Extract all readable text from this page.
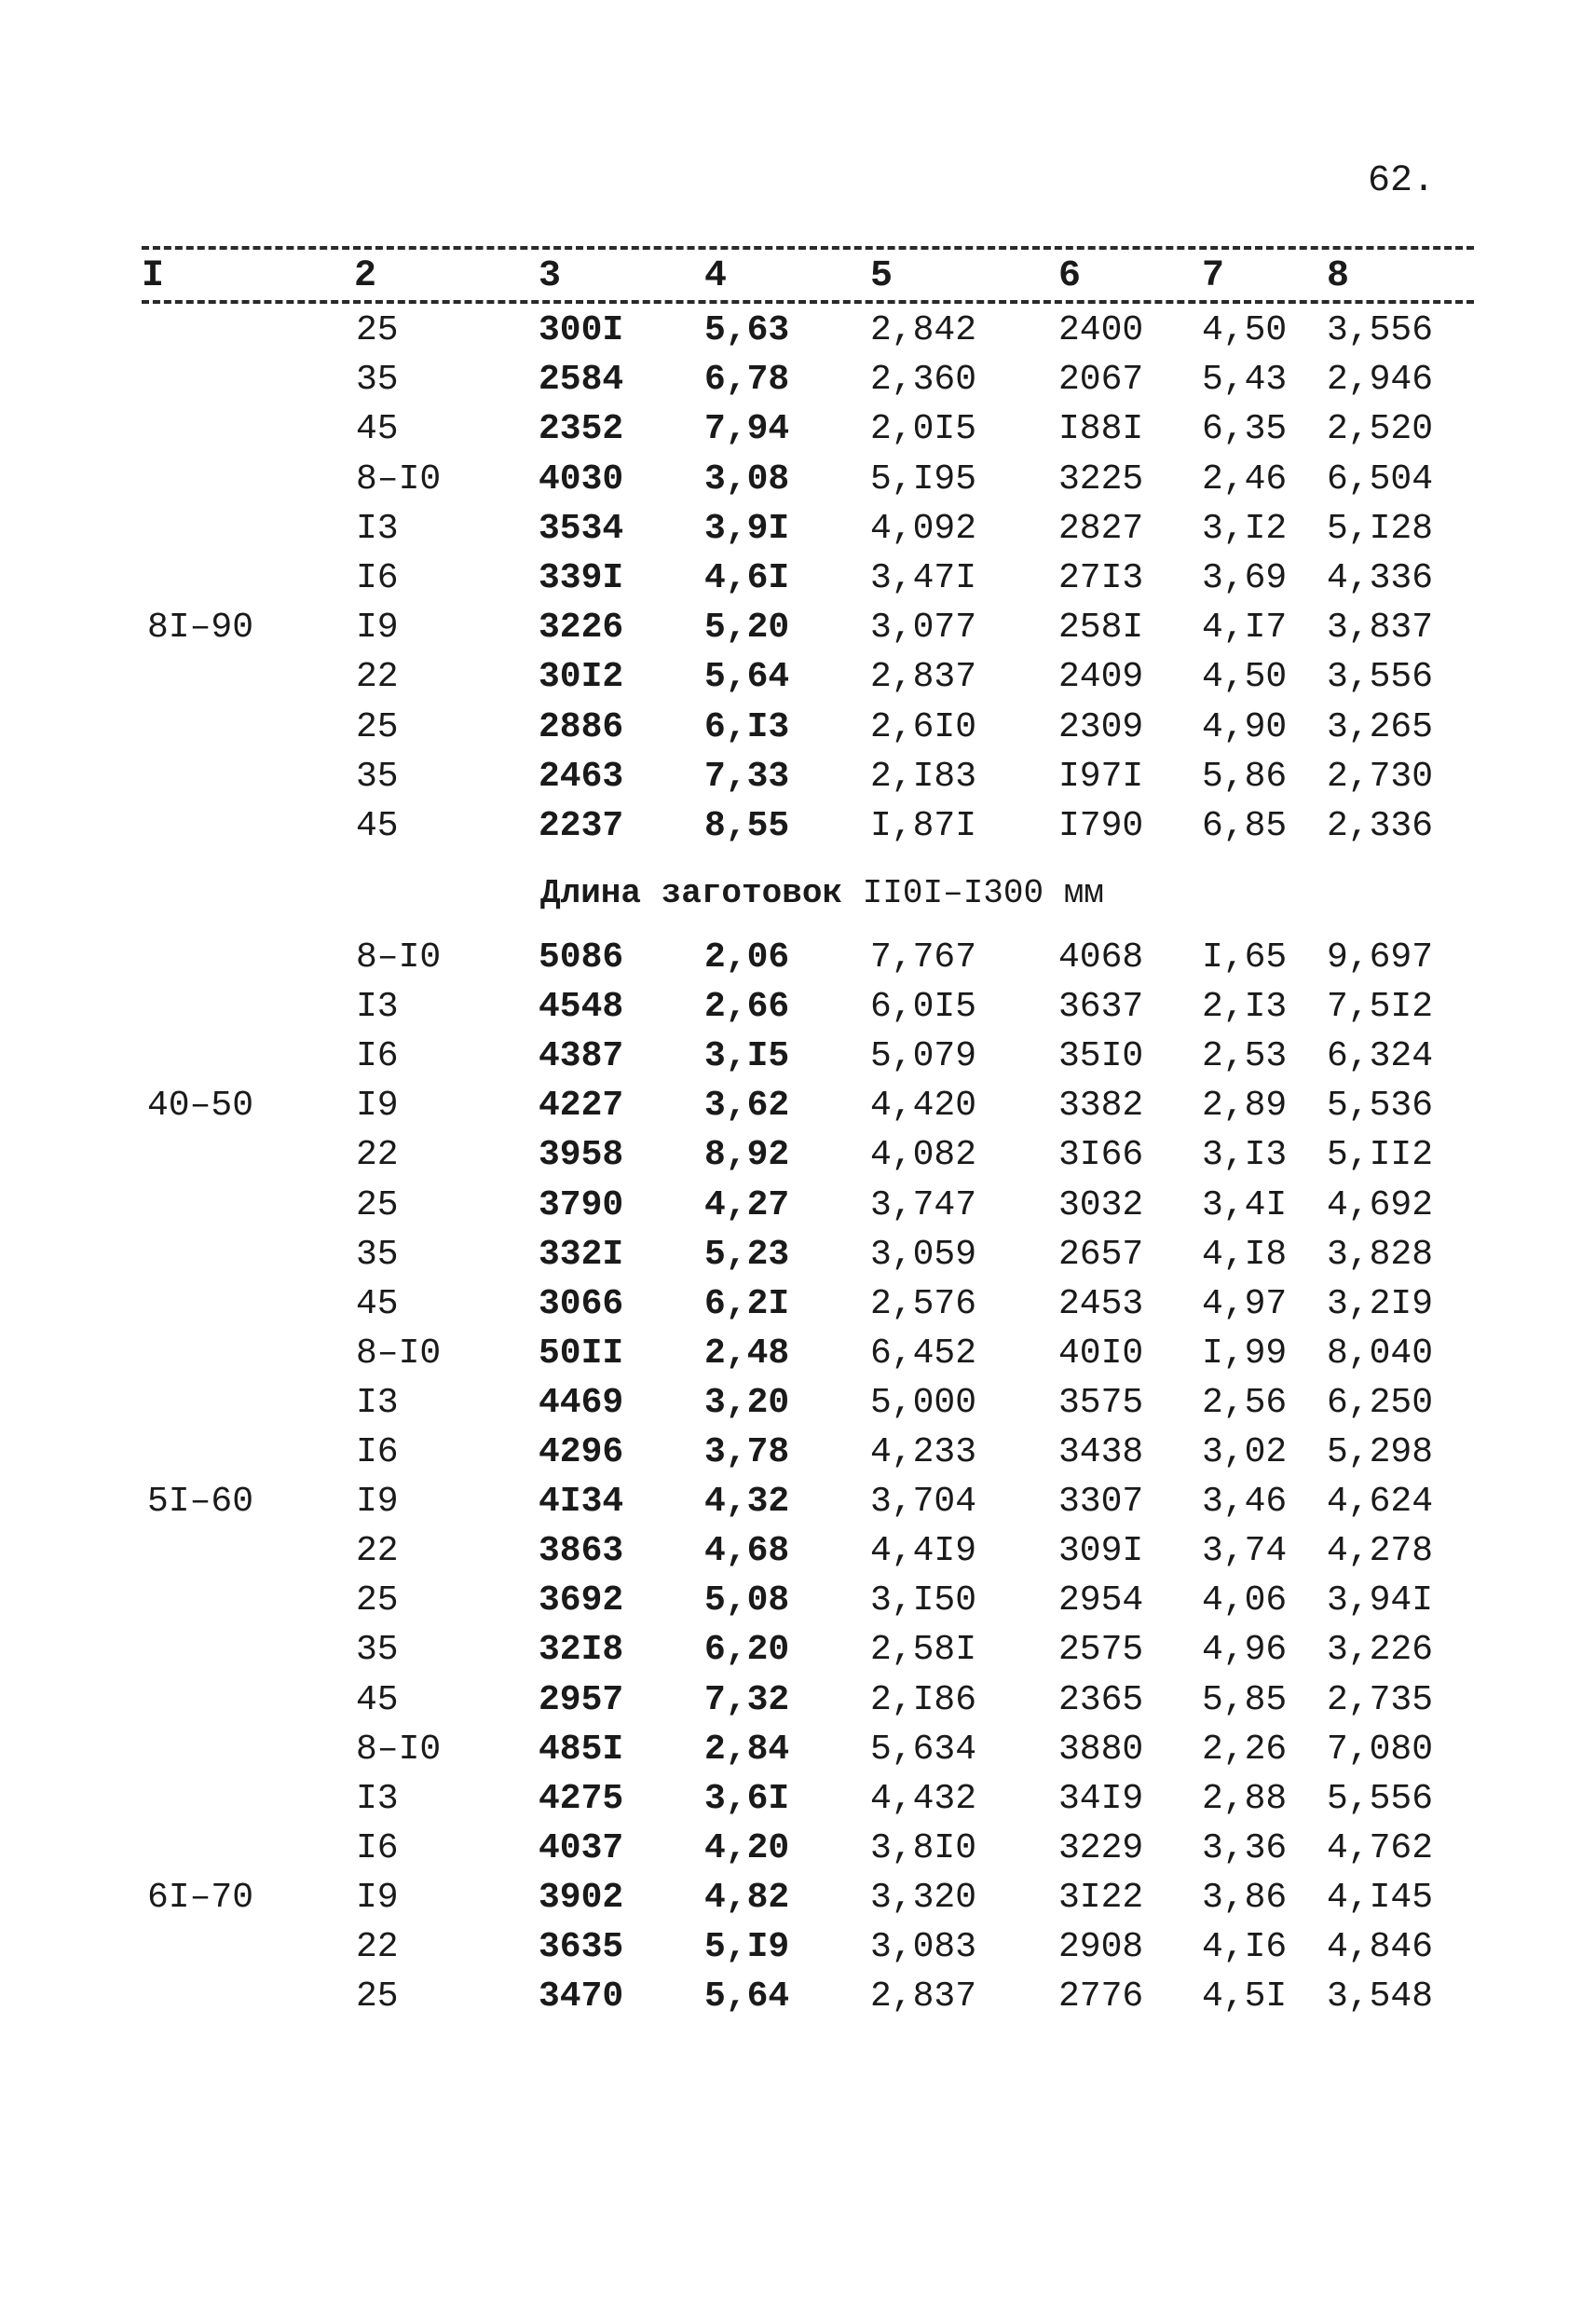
62.
I	2	3	4	5	6	7	8
25	300I 5,63 2,842 2400 4,50 3,556
35	2584 6,78 2,360 2067 5,43 2,946
45	2352 7,94 2,0I5 I88I 6,35 2,520
8–I0	4030 3,08 5,I95 3225 2,46 6,504
I3	3534 3,9I 4,092 2827 3,I2 5,I28
I6	339I 4,6I 3,47I 27I3 3,69 4,336
8I–90	I9	3226 5,20 3,077 258I 4,I7 3,837
22	30I2 5,64 2,837 2409 4,50 3,556
25	2886 6,I3 2,6I0 2309 4,90 3,265
35	2463 7,33 2,I83 I97I 5,86 2,730
45	2237 8,55 I,87I I790 6,85 2,336
Длина заготовок II0I–I300 мм
8–I0	5086 2,06 7,767 4068 I,65 9,697
I3	4548 2,66 6,0I5 3637 2,I3 7,5I2
I6	4387 3,I5 5,079 35I0 2,53 6,324
40–50	I9	4227 3,62 4,420 3382 2,89 5,536
22	3958 8,92 4,082 3I66 3,I3 5,II2
25	3790 4,27 3,747 3032 3,4I 4,692
35	332I 5,23 3,059 2657 4,I8 3,828
45	3066 6,2I 2,576 2453 4,97 3,2I9
8–I0	50II 2,48 6,452 40I0 I,99 8,040
I3	4469 3,20 5,000 3575 2,56 6,250
I6	4296 3,78 4,233 3438 3,02 5,298
5I–60	I9	4I34 4,32 3,704 3307 3,46 4,624
22	3863 4,68 4,4I9 309I 3,74 4,278
25	3692 5,08 3,I50 2954 4,06 3,94I
35	32I8 6,20 2,58I 2575 4,96 3,226
45	2957 7,32 2,I86 2365 5,85 2,735
8–I0	485I 2,84 5,634 3880 2,26 7,080
I3	4275 3,6I 4,432 34I9 2,88 5,556
I6	4037 4,20 3,8I0 3229 3,36 4,762
6I–70	I9	3902 4,82 3,320 3I22 3,86 4,I45
22	3635 5,I9 3,083 2908 4,I6 4,846
25	3470 5,64 2,837 2776 4,5I 3,548
